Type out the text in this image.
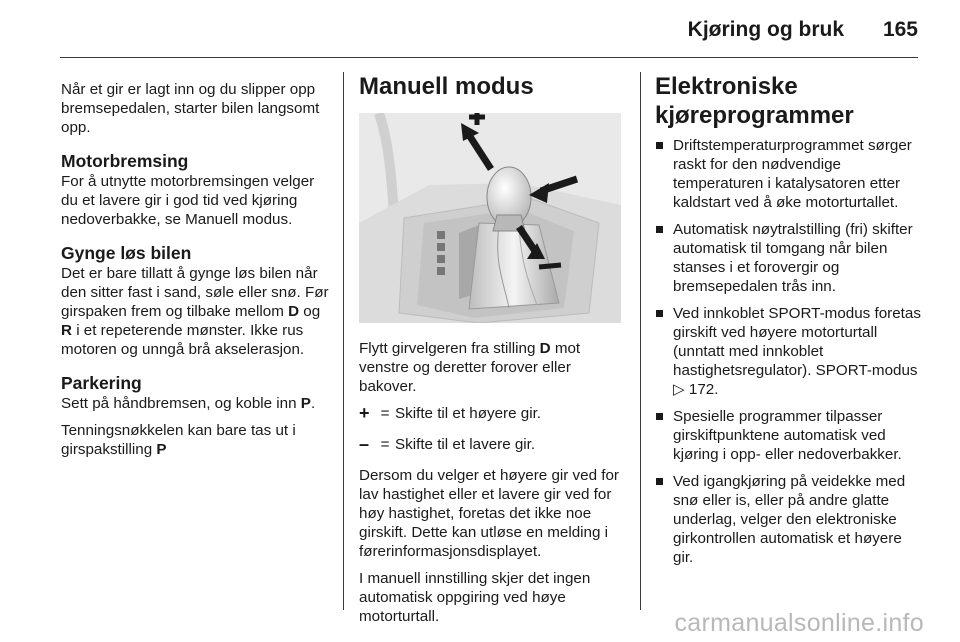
Kjøring og bruk 165

Når et gir er lagt inn og du slipper opp bremsepedalen, starter bilen langsomt opp.

Motorbremsing

For å utnytte motorbremsingen velger du et lavere gir i god tid ved kjøring nedoverbakke, se Manuell modus.

Gynge løs bilen

Det er bare tillatt å gynge løs bilen når den sitter fast i sand, søle eller snø. Før girspaken frem og tilbake mellom D og R i et repeterende mønster. Ikke rus motoren og unngå brå akselerasjon.

Parkering

Sett på håndbremsen, og koble inn P.

Tenningsnøkkelen kan bare tas ut i girspakstilling P

Manuell modus

Flytt girvelgeren fra stilling D mot venstre og deretter forover eller bakover.

+ = Skifte til et høyere gir.
– = Skifte til et lavere gir.

Dersom du velger et høyere gir ved for lav hastighet eller et lavere gir ved for høy hastighet, foretas det ikke noe girskift. Dette kan utløse en melding i førerinformasjonsdisplayet.

I manuell innstilling skjer det ingen automatisk oppgiring ved høye motorturtall.

Elektroniske kjøreprogrammer
Driftstemperaturprogrammet sørger raskt for den nødvendige temperaturen i katalysatoren etter kaldstart ved å øke motorturtallet.
Automatisk nøytralstilling (fri) skifter automatisk til tomgang når bilen stanses i et forovergir og bremsepedalen trås inn.
Ved innkoblet SPORT-modus foretas girskift ved høyere motorturtall (unntatt med innkoblet hastighetsregulator). SPORT-modus ▷ 172.
Spesielle programmer tilpasser girskiftpunktene automatisk ved kjøring i opp- eller nedoverbakker.
Ved igangkjøring på veidekke med snø eller is, eller på andre glatte underlag, velger den elektroniske girkontrollen automatisk et høyere gir.
carmanualsonline.info
